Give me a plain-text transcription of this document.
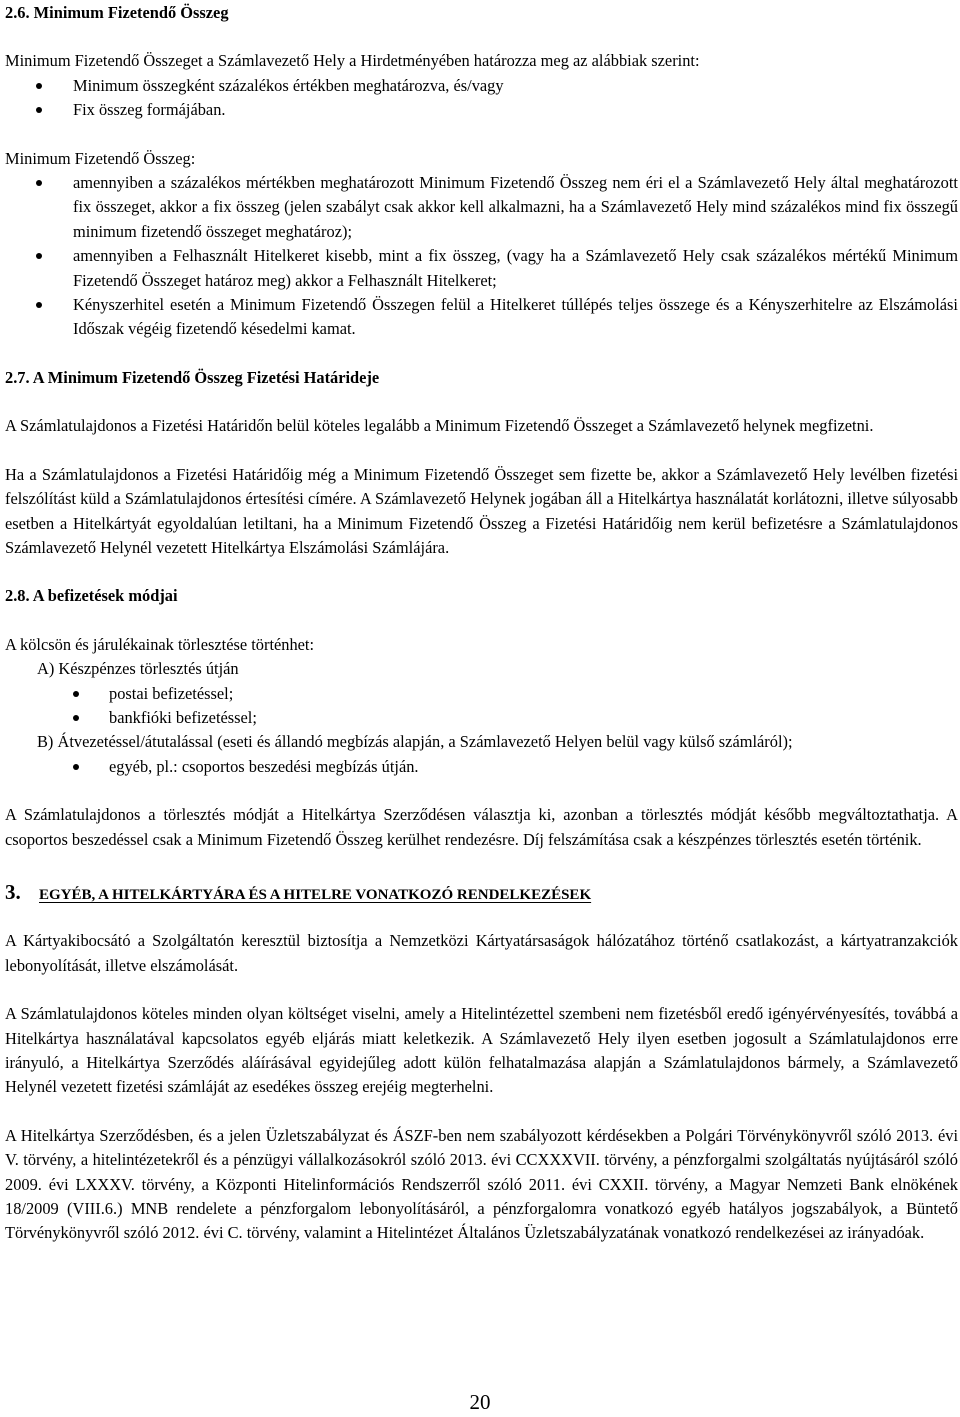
2.6. Minimum Fizetendő Összeg

Minimum Fizetendő Összeget a Számlavezető Hely a Hirdetményében határozza meg az alábbiak szerint:

Minimum összegként százalékos értékben meghatározva, és/vagy
Fix összeg formájában.

Minimum Fizetendő Összeg:

amennyiben a százalékos mértékben meghatározott Minimum Fizetendő Összeg nem éri el a Számlavezető Hely által meghatározott fix összeget, akkor a fix összeg (jelen szabályt csak akkor kell alkalmazni, ha a Számlavezető Hely mind százalékos mind fix összegű minimum fizetendő összeget meghatároz);
amennyiben a Felhasznált Hitelkeret kisebb, mint a fix összeg, (vagy ha a Számlavezető Hely csak százalékos mértékű Minimum Fizetendő Összeget határoz meg) akkor a Felhasznált Hitelkeret;
Kényszerhitel esetén a Minimum Fizetendő Összegen felül a Hitelkeret túllépés teljes összege és a Kényszerhitelre az Elszámolási Időszak végéig fizetendő késedelmi kamat.

2.7. A Minimum Fizetendő Összeg Fizetési Határideje

A Számlatulajdonos a Fizetési Határidőn belül köteles legalább a Minimum Fizetendő Összeget a Számlavezető helynek megfizetni.

Ha a Számlatulajdonos a Fizetési Határidőig még a Minimum Fizetendő Összeget sem fizette be, akkor a Számlavezető Hely levélben fizetési felszólítást küld a Számlatulajdonos értesítési címére. A Számlavezető Helynek jogában áll a Hitelkártya használatát korlátozni, illetve súlyosabb esetben a Hitelkártyát egyoldalúan letiltani, ha a Minimum Fizetendő Összeg a Fizetési Határidőig nem kerül befizetésre a Számlatulajdonos Számlavezető Helynél vezetett Hitelkártya Elszámolási Számlájára.

2.8. A befizetések módjai

A kölcsön és járulékainak törlesztése történhet:

A) Készpénzes törlesztés útján

postai befizetéssel;
bankfióki befizetéssel;

B) Átvezetéssel/átutalással (eseti és állandó megbízás alapján, a Számlavezető Helyen belül vagy külső számláról);

egyéb, pl.: csoportos beszedési megbízás útján.

A Számlatulajdonos a törlesztés módját a Hitelkártya Szerződésen választja ki, azonban a törlesztés módját később megváltoztathatja. A csoportos beszedéssel csak a Minimum Fizetendő Összeg kerülhet rendezésre. Díj felszámítása csak a készpénzes törlesztés esetén történik.

3. EGYÉB, A HITELKÁRTYÁRA ÉS A HITELRE VONATKOZÓ RENDELKEZÉSEK

A Kártyakibocsátó a Szolgáltatón keresztül biztosítja a Nemzetközi Kártyatársaságok hálózatához történő csatlakozást, a kártyatranzakciók lebonyolítását, illetve elszámolását.

A Számlatulajdonos köteles minden olyan költséget viselni, amely a Hitelintézettel szembeni nem fizetésből eredő igényérvényesítés, továbbá a Hitelkártya használatával kapcsolatos egyéb eljárás miatt keletkezik. A Számlavezető Hely ilyen esetben jogosult a Számlatulajdonos erre irányuló, a Hitelkártya Szerződés aláírásával egyidejűleg adott külön felhatalmazása alapján a Számlatulajdonos bármely, a Számlavezető Helynél vezetett fizetési számláját az esedékes összeg erejéig megterhelni.

A Hitelkártya Szerződésben, és a jelen Üzletszabályzat és ÁSZF-ben nem szabályozott kérdésekben a Polgári Törvénykönyvről szóló 2013. évi V. törvény, a hitelintézetekről és a pénzügyi vállalkozásokról szóló 2013. évi CCXXXVII. törvény, a pénzforgalmi szolgáltatás nyújtásáról szóló 2009. évi LXXXV. törvény, a Központi Hitelinformációs Rendszerről szóló 2011. évi CXXII. törvény, a Magyar Nemzeti Bank elnökének 18/2009 (VIII.6.) MNB rendelete a pénzforgalom lebonyolításáról, a pénzforgalomra vonatkozó egyéb hatályos jogszabályok, a Büntető Törvénykönyvről szóló 2012. évi C. törvény, valamint a Hitelintézet Általános Üzletszabályzatának vonatkozó rendelkezései az irányadóak.

20
